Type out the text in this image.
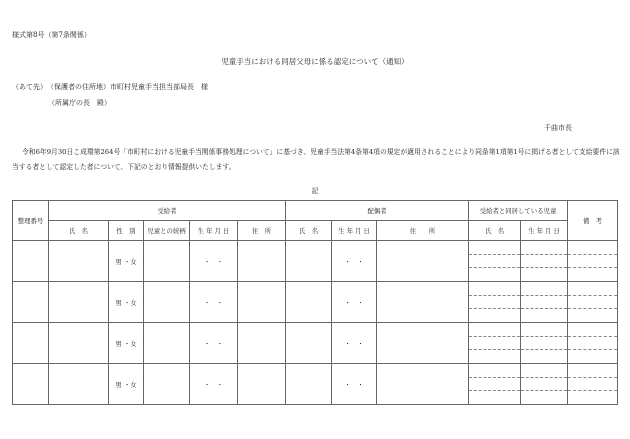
様式第8号（第7条関係）
児童手当における同居父母に係る認定について（通知）
（あて先）　（保護者の住所地）市町村児童手当担当部局長　様
（所属庁の長　殿）
千曲市長
令和6年9月30日こ成環第264号「市町村における児童手当関係事務処理について」に基づき、児童手当法第4条第4項の規定が適用されることにより同条第1項第1号に掲げる者として支給要件に該当する者として認定した者について、下記のとおり情報提供いたします。
記
整理番号	受給者					配偶者			受給者と同居している児童		備　考
	氏　名	性　別	児童との続柄	生 年 月 日	住　所	氏　名	生 年 月 日	住　　所	氏　名	生 年 月 日	
		男 ・女		・　・			・　・		

		男 ・女		・　・			・　・		

		男 ・女		・　・			・　・		

		男 ・女		・　・			・　・		
